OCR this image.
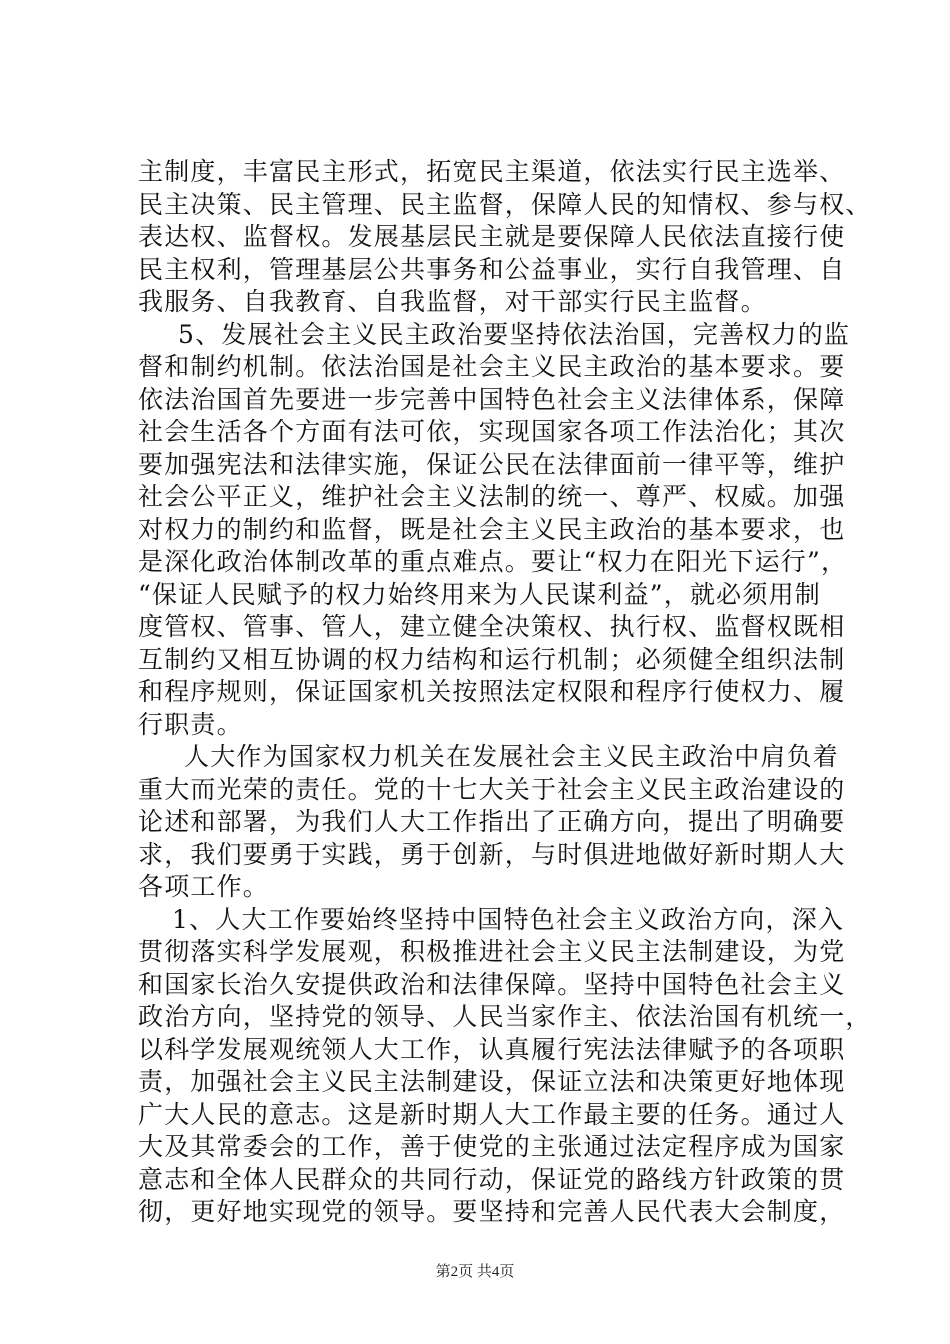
主制度，丰富民主形式，拓宽民主渠道，依法实行民主选举、
民主决策、民主管理、民主监督，保障人民的知情权、参与权、
表达权、监督权。发展基层民主就是要保障人民依法直接行使
民主权利，管理基层公共事务和公益事业，实行自我管理、自
我服务、自我教育、自我监督，对干部实行民主监督。
5、发展社会主义民主政治要坚持依法治国，完善权力的监
督和制约机制。依法治国是社会主义民主政治的基本要求。要
依法治国首先要进一步完善中国特色社会主义法律体系，保障
社会生活各个方面有法可依，实现国家各项工作法治化；其次
要加强宪法和法律实施，保证公民在法律面前一律平等，维护
社会公平正义，维护社会主义法制的统一、尊严、权威。加强
对权力的制约和监督，既是社会主义民主政治的基本要求，也
是深化政治体制改革的重点难点。要让“权力在阳光下运行”，
“保证人民赋予的权力始终用来为人民谋利益”，就必须用制
度管权、管事、管人，建立健全决策权、执行权、监督权既相
互制约又相互协调的权力结构和运行机制；必须健全组织法制
和程序规则，保证国家机关按照法定权限和程序行使权力、履
行职责。
人大作为国家权力机关在发展社会主义民主政治中肩负着
重大而光荣的责任。党的十七大关于社会主义民主政治建设的
论述和部署，为我们人大工作指出了正确方向，提出了明确要
求，我们要勇于实践，勇于创新，与时俱进地做好新时期人大
各项工作。
1、人大工作要始终坚持中国特色社会主义政治方向，深入
贯彻落实科学发展观，积极推进社会主义民主法制建设，为党
和国家长治久安提供政治和法律保障。坚持中国特色社会主义
政治方向，坚持党的领导、人民当家作主、依法治国有机统一，
以科学发展观统领人大工作，认真履行宪法法律赋予的各项职
责，加强社会主义民主法制建设，保证立法和决策更好地体现
广大人民的意志。这是新时期人大工作最主要的任务。通过人
大及其常委会的工作，善于使党的主张通过法定程序成为国家
意志和全体人民群众的共同行动，保证党的路线方针政策的贯
彻，更好地实现党的领导。要坚持和完善人民代表大会制度，
第2页 共4页
